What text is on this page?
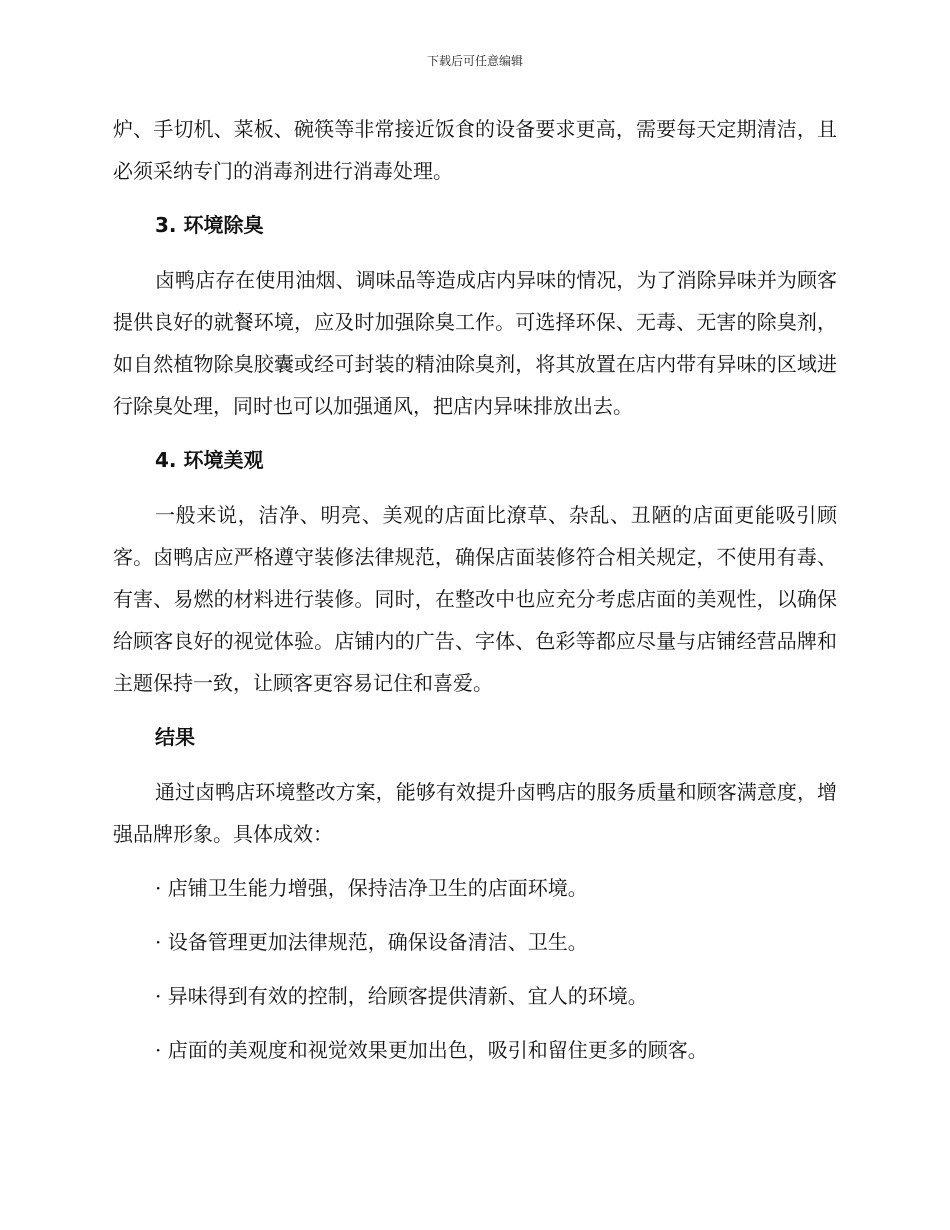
下载后可任意编辑

炉、手切机、菜板、碗筷等非常接近饭食的设备要求更高，需要每天定期清洁，且必须采纳专门的消毒剂进行消毒处理。

3. 环境除臭

卤鸭店存在使用油烟、调味品等造成店内异味的情况，为了消除异味并为顾客提供良好的就餐环境，应及时加强除臭工作。可选择环保、无毒、无害的除臭剂，如自然植物除臭胶囊或经可封装的精油除臭剂，将其放置在店内带有异味的区域进行除臭处理，同时也可以加强通风，把店内异味排放出去。

4. 环境美观

一般来说，洁净、明亮、美观的店面比潦草、杂乱、丑陋的店面更能吸引顾客。卤鸭店应严格遵守装修法律规范，确保店面装修符合相关规定，不使用有毒、有害、易燃的材料进行装修。同时，在整改中也应充分考虑店面的美观性，以确保给顾客良好的视觉体验。店铺内的广告、字体、色彩等都应尽量与店铺经营品牌和主题保持一致，让顾客更容易记住和喜爱。

结果

通过卤鸭店环境整改方案，能够有效提升卤鸭店的服务质量和顾客满意度，增强品牌形象。具体成效：

· 店铺卫生能力增强，保持洁净卫生的店面环境。
· 设备管理更加法律规范，确保设备清洁、卫生。
· 异味得到有效的控制，给顾客提供清新、宜人的环境。
· 店面的美观度和视觉效果更加出色，吸引和留住更多的顾客。
